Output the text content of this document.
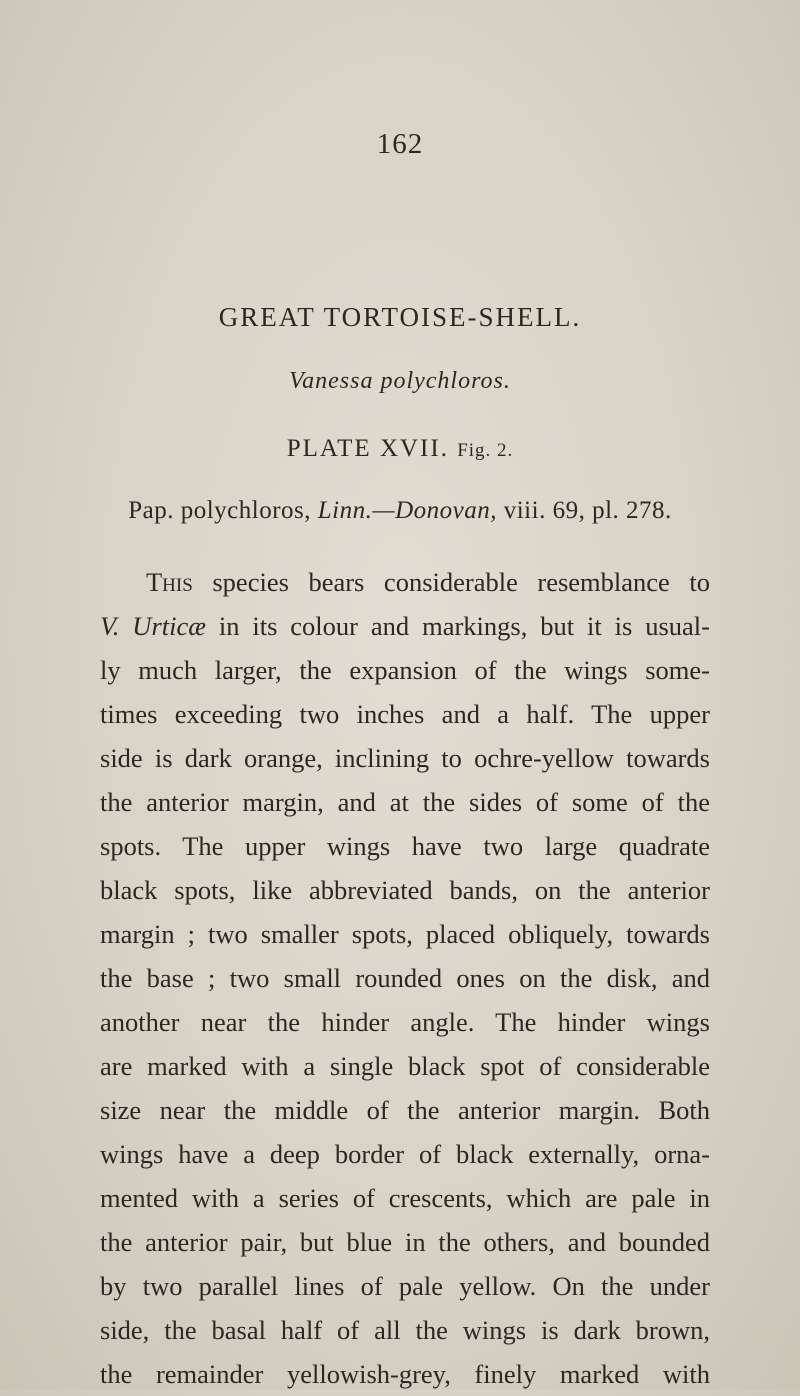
162
GREAT TORTOISE-SHELL.
Vanessa polychloros.
PLATE XVII. Fig. 2.
Pap. polychloros, Linn.—Donovan, viii. 69, pl. 278.
This species bears considerable resemblance to
V. Urticæ in its colour and markings, but it is usual-
ly much larger, the expansion of the wings some-
times exceeding two inches and a half. The upper
side is dark orange, inclining to ochre-yellow towards
the anterior margin, and at the sides of some of the
spots. The upper wings have two large quadrate
black spots, like abbreviated bands, on the anterior
margin ; two smaller spots, placed obliquely, towards
the base ; two small rounded ones on the disk, and
another near the hinder angle. The hinder wings
are marked with a single black spot of considerable
size near the middle of the anterior margin. Both
wings have a deep border of black externally, orna-
mented with a series of crescents, which are pale in
the anterior pair, but blue in the others, and bounded
by two parallel lines of pale yellow. On the under
side, the basal half of all the wings is dark brown,
the remainder yellowish-grey, finely marked with
